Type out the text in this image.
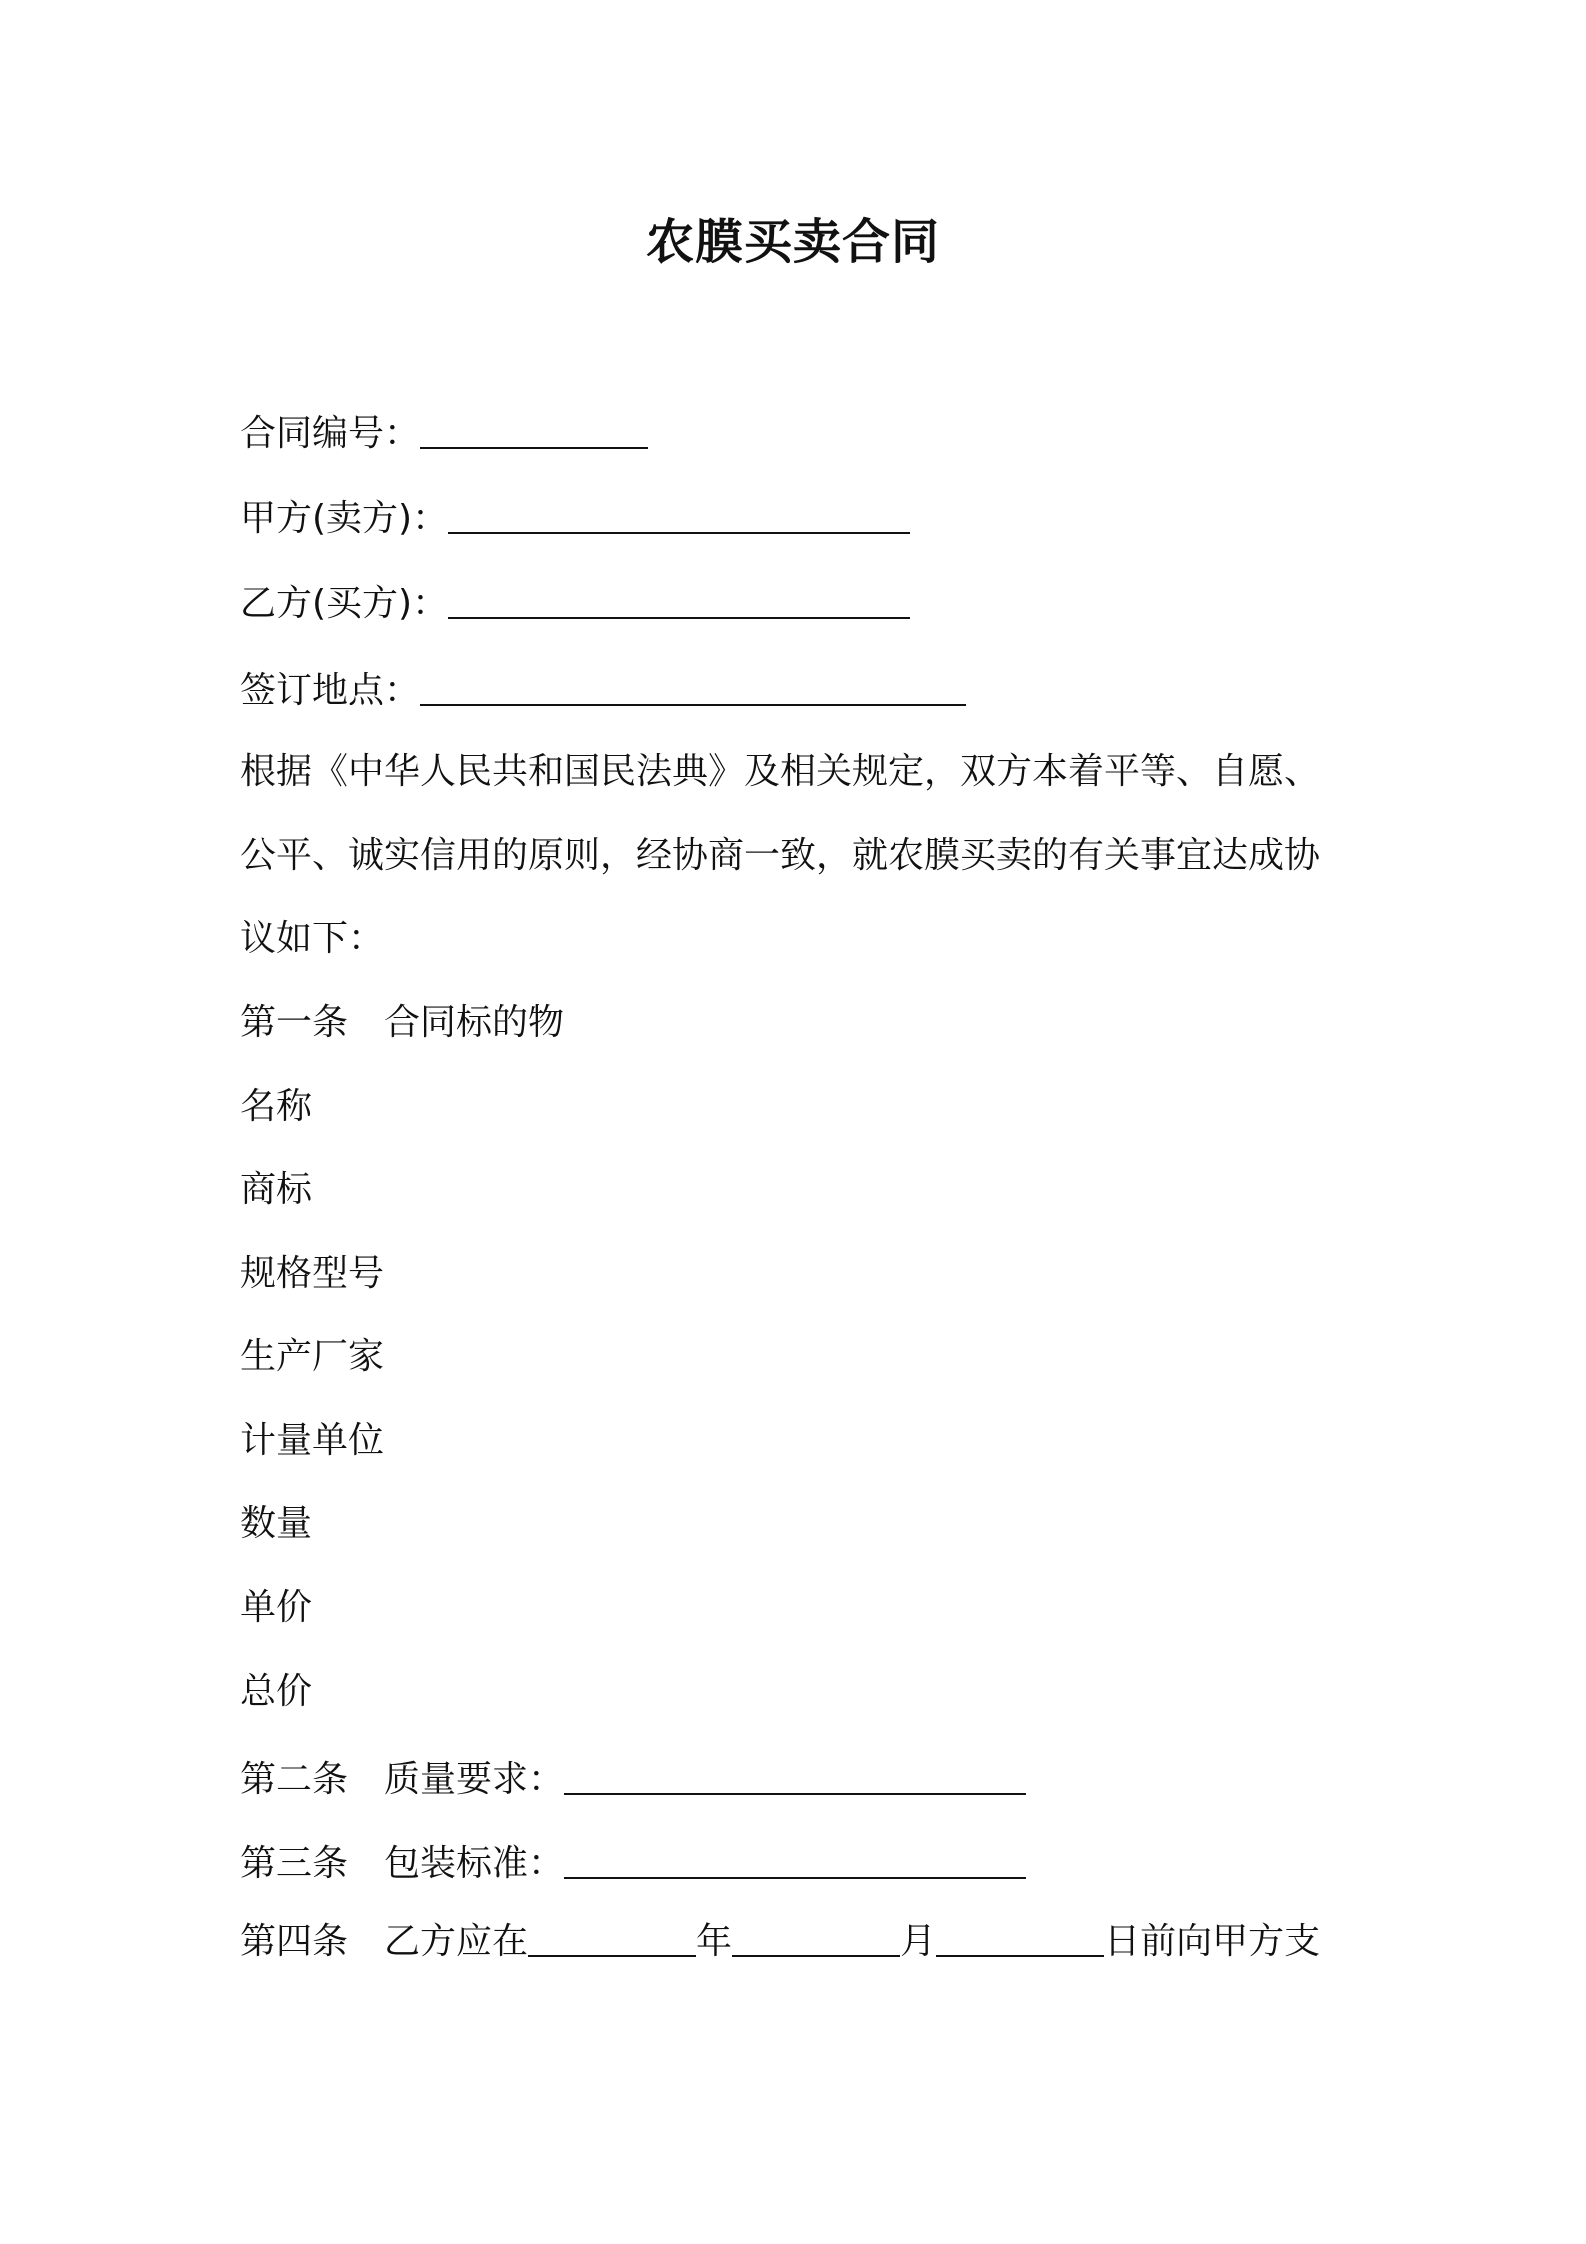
农膜买卖合同
合同编号：
甲方(卖方)：
乙方(买方)：
签订地点：
根据《中华人民共和国民法典》及相关规定，双方本着平等、自愿、
公平、诚实信用的原则，经协商一致，就农膜买卖的有关事宜达成协
议如下：
第一条 合同标的物
名称
商标
规格型号
生产厂家
计量单位
数量
单价
总价
第二条 质量要求：
第三条 包装标准：
第四条 乙方应在	年	月	日前向甲方支
